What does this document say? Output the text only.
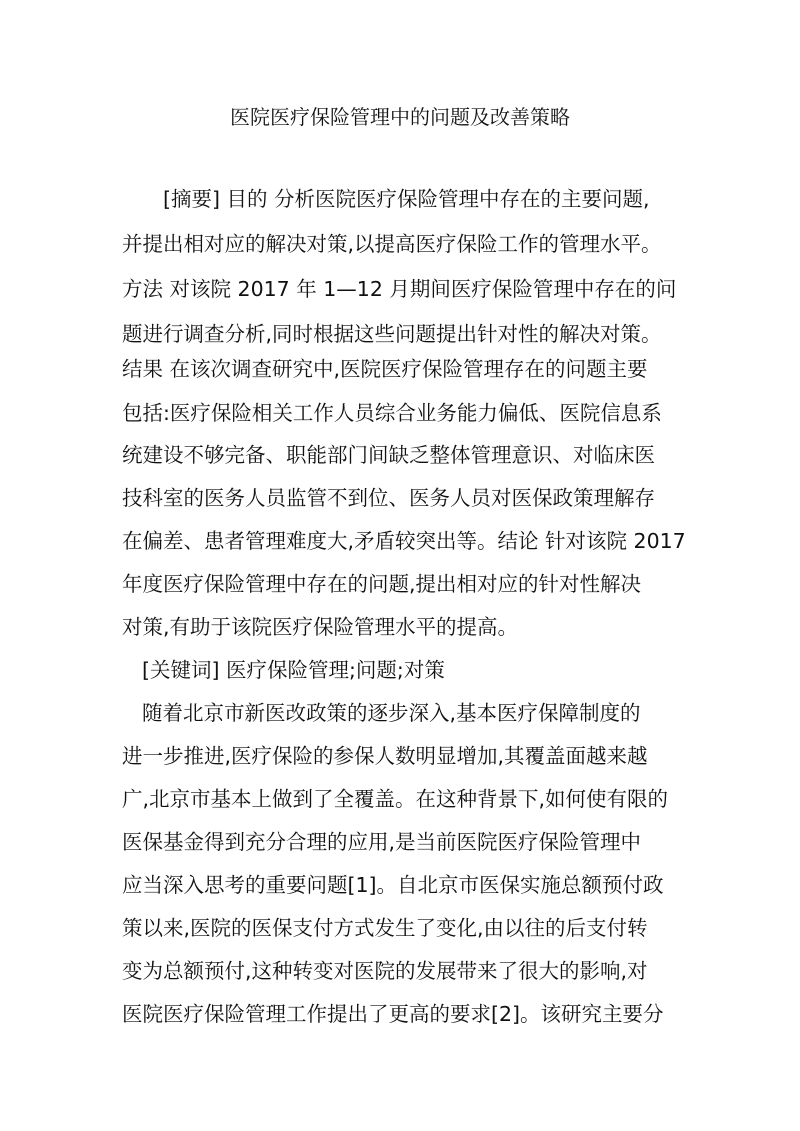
医院医疗保险管理中的问题及改善策略
[摘要] 目的 分析医院医疗保险管理中存在的主要问题,
并提出相对应的解决对策,以提高医疗保险工作的管理水平。
方法 对该院 2017 年 1—12 月期间医疗保险管理中存在的问
题进行调查分析,同时根据这些问题提出针对性的解决对策。
结果 在该次调查研究中,医院医疗保险管理存在的问题主要
包括:医疗保险相关工作人员综合业务能力偏低、医院信息系
统建设不够完备、职能部门间缺乏整体管理意识、对临床医
技科室的医务人员监管不到位、医务人员对医保政策理解存
在偏差、患者管理难度大,矛盾较突出等。结论 针对该院 2017
年度医疗保险管理中存在的问题,提出相对应的针对性解决
对策,有助于该院医疗保险管理水平的提高。
[关键词] 医疗保险管理;问题;对策
随着北京市新医改政策的逐步深入,基本医疗保障制度的
进一步推进,医疗保险的参保人数明显增加,其覆盖面越来越
广,北京市基本上做到了全覆盖。在这种背景下,如何使有限的
医保基金得到充分合理的应用,是当前医院医疗保险管理中
应当深入思考的重要问题[1]。自北京市医保实施总额预付政
策以来,医院的医保支付方式发生了变化,由以往的后支付转
变为总额预付,这种转变对医院的发展带来了很大的影响,对
医院医疗保险管理工作提出了更高的要求[2]。该研究主要分
